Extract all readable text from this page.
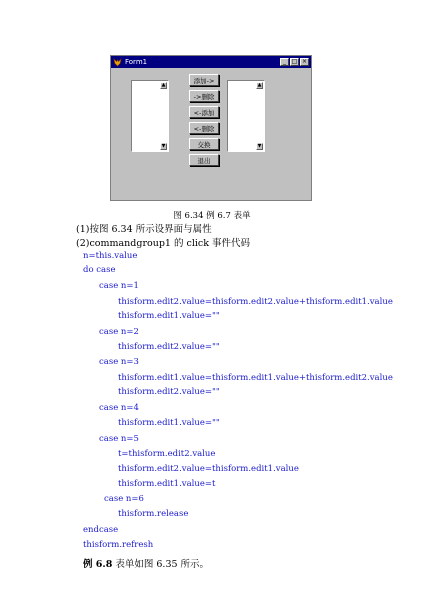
Form1	_ □ ×
▲
▼
添加->
->删除
<-添加
<-删除
交换
退出
▲
▼
图 6.34 例 6.7 表单
(1)按图 6.34 所示设界面与属性
(2)commandgroup1 的 click 事件代码
n=this.value
do case
case n=1
thisform.edit2.value=thisform.edit2.value+thisform.edit1.value
thisform.edit1.value=""
case n=2
thisform.edit2.value=""
case n=3
thisform.edit1.value=thisform.edit1.value+thisform.edit2.value
thisform.edit2.value=""
case n=4
thisform.edit1.value=""
case n=5
t=thisform.edit2.value
thisform.edit2.value=thisform.edit1.value
thisform.edit1.value=t
case n=6
thisform.release
endcase
thisform.refresh
例 6.8 表单如图 6.35 所示。
